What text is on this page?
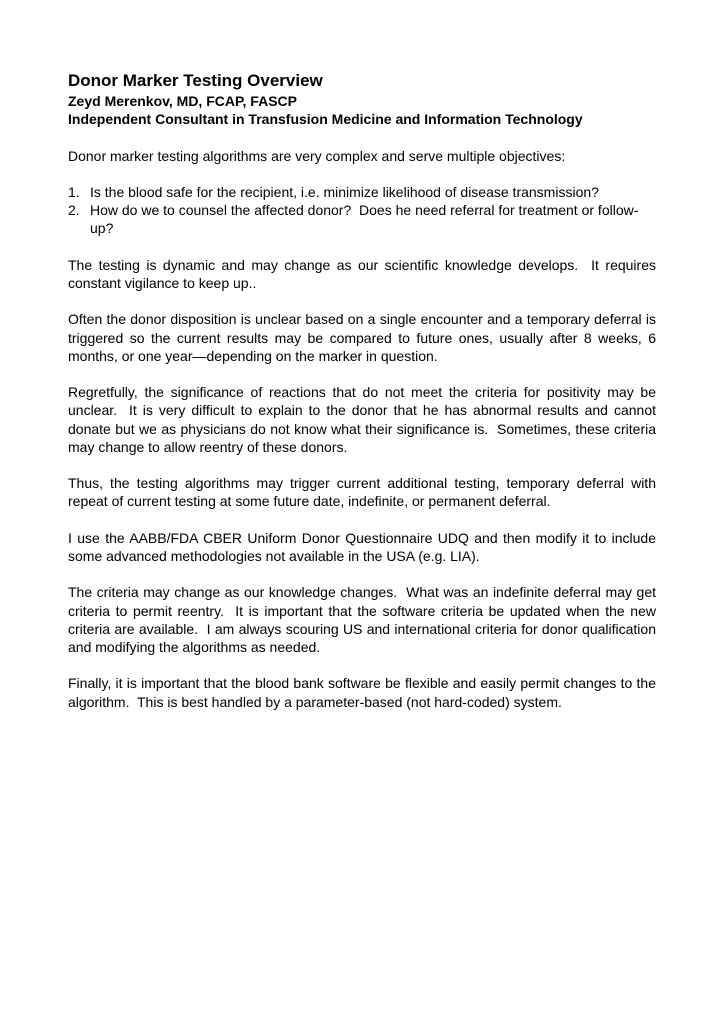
Donor Marker Testing Overview

Zeyd Merenkov, MD, FCAP, FASCP

Independent Consultant in Transfusion Medicine and Information Technology

Donor marker testing algorithms are very complex and serve multiple objectives:

1. Is the blood safe for the recipient, i.e. minimize likelihood of disease transmission?
2. How do we to counsel the affected donor?  Does he need referral for treatment or follow-up?

The testing is dynamic and may change as our scientific knowledge develops.  It requires constant vigilance to keep up..

Often the donor disposition is unclear based on a single encounter and a temporary deferral is triggered so the current results may be compared to future ones, usually after 8 weeks, 6 months, or one year—depending on the marker in question.

Regretfully, the significance of reactions that do not meet the criteria for positivity may be unclear.  It is very difficult to explain to the donor that he has abnormal results and cannot donate but we as physicians do not know what their significance is.  Sometimes, these criteria may change to allow reentry of these donors.

Thus, the testing algorithms may trigger current additional testing, temporary deferral with repeat of current testing at some future date, indefinite, or permanent deferral.

I use the AABB/FDA CBER Uniform Donor Questionnaire UDQ and then modify it to include some advanced methodologies not available in the USA (e.g. LIA).

The criteria may change as our knowledge changes.  What was an indefinite deferral may get criteria to permit reentry.  It is important that the software criteria be updated when the new criteria are available.  I am always scouring US and international criteria for donor qualification and modifying the algorithms as needed.

Finally, it is important that the blood bank software be flexible and easily permit changes to the algorithm.  This is best handled by a parameter-based (not hard-coded) system.
